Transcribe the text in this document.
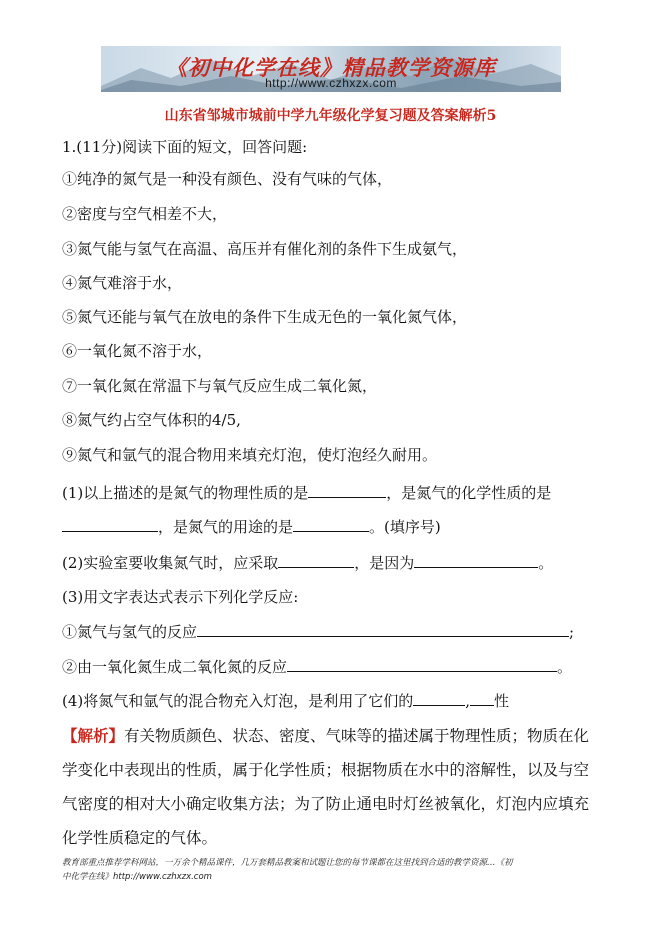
《初中化学在线》精品教学资源库
http://www.czhxzx.com
山东省邹城市城前中学九年级化学复习题及答案解析5
1.(11分)阅读下面的短文，回答问题:
①纯净的氮气是一种没有颜色、没有气味的气体，
②密度与空气相差不大，
③氮气能与氢气在高温、高压并有催化剂的条件下生成氨气，
④氮气难溶于水，
⑤氮气还能与氧气在放电的条件下生成无色的一氧化氮气体，
⑥一氧化氮不溶于水，
⑦一氧化氮在常温下与氧气反应生成二氧化氮，
⑧氮气约占空气体积的4/5,
⑨氮气和氩气的混合物用来填充灯泡，使灯泡经久耐用。
(1)以上描述的是氮气的物理性质的是	，是氮气的化学性质的是
，是氮气的用途的是	。(填序号)
(2)实验室要收集氮气时，应采取	，是因为	。
(3)用文字表达式表示下列化学反应:
①氮气与氢气的反应	;
②由一氧化氮生成二氧化氮的反应	。
(4)将氮气和氩气的混合物充入灯泡，是利用了它们的	, 性
【解析】有关物质颜色、状态、密度、气味等的描述属于物理性质；物质在化
学变化中表现出的性质，属于化学性质；根据物质在水中的溶解性，以及与空
气密度的相对大小确定收集方法；为了防止通电时灯丝被氧化，灯泡内应填充
化学性质稳定的气体。
教育部重点推荐学科网站，一万余个精品课件，几万套精品教案和试题让您的每节课都在这里找到合适的教学资源…《初
中化学在线》http://www.czhxzx.com
